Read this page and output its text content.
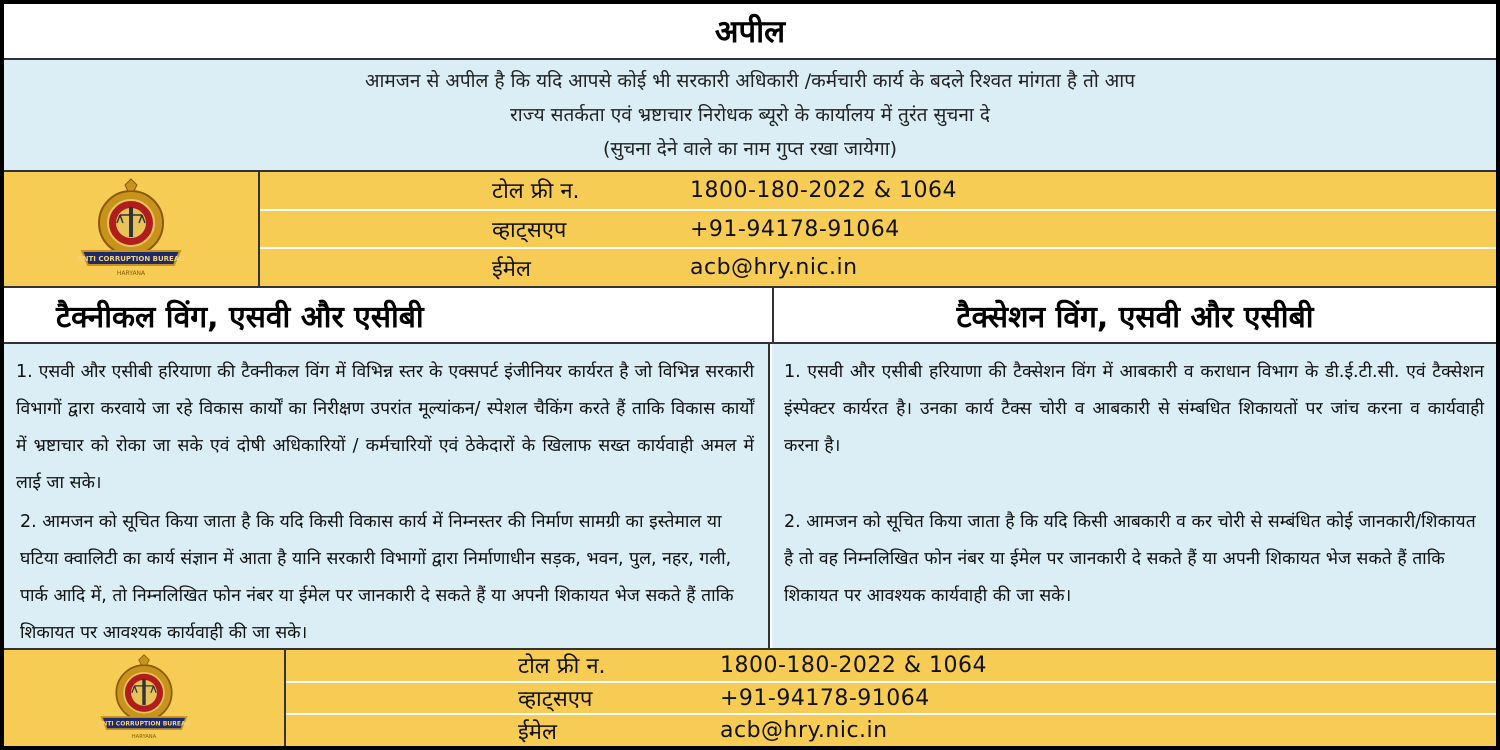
अपील

आमजन से अपील है कि यदि आपसे कोई भी सरकारी अधिकारी /कर्मचारी कार्य के बदले रिश्वत मांगता है तो आप

राज्य सतर्कता एवं भ्रष्टाचार निरोधक ब्यूरो के कार्यालय में तुरंत सुचना दे

(सुचना देने वाले का नाम गुप्त रखा जायेगा)

ANTI CORRUPTION BUREAU
HARYANA
टोल फ्री न.	1800-180-2022 & 1064
व्हाट्सएप	+91-94178-91064
ईमेल	acb@hry.nic.in
टैक्नीकल विंग, एसवी और एसीबी	टैक्सेशन विंग, एसवी और एसीबी
1. एसवी और एसीबी हरियाणा की टैक्नीकल विंग में विभिन्न स्तर के एक्सपर्ट इंजीनियर कार्यरत है जो विभिन्न सरकारी विभागों द्वारा करवाये जा रहे विकास कार्यों का निरीक्षण उपरांत मूल्यांकन/ स्पेशल चैकिंग करते हैं ताकि विकास कार्यों में भ्रष्टाचार को रोका जा सके एवं दोषी अधिकारियों / कर्मचारियों एवं ठेकेदारों के खिलाफ सख्त कार्यवाही अमल में लाई जा सके।
2. आमजन को सूचित किया जाता है कि यदि किसी विकास कार्य में निम्नस्तर की निर्माण सामग्री का इस्तेमाल या घटिया क्वालिटी का कार्य संज्ञान में आता है यानि सरकारी विभागों द्वारा निर्माणाधीन सड़क, भवन, पुल, नहर, गली, पार्क आदि में, तो निम्नलिखित फोन नंबर या ईमेल पर जानकारी दे सकते हैं या अपनी शिकायत भेज सकते हैं ताकि शिकायत पर आवश्यक कार्यवाही की जा सके।
1. एसवी और एसीबी हरियाणा की टैक्सेशन विंग में आबकारी व कराधान विभाग के डी.ई.टी.सी. एवं टैक्सेशन इंस्पेक्टर कार्यरत है। उनका कार्य टैक्स चोरी व आबकारी से संम्बधित शिकायतों पर जांच करना व कार्यवाही करना है।
2. आमजन को सूचित किया जाता है कि यदि किसी आबकारी व कर चोरी से सम्बंधित कोई जानकारी/शिकायत है तो वह निम्नलिखित फोन नंबर या ईमेल पर जानकारी दे सकते हैं या अपनी शिकायत भेज सकते हैं ताकि शिकायत पर आवश्यक कार्यवाही की जा सके।
ANTI CORRUPTION BUREAU
HARYANA
टोल फ्री न.	1800-180-2022 & 1064
व्हाट्सएप	+91-94178-91064
ईमेल	acb@hry.nic.in
